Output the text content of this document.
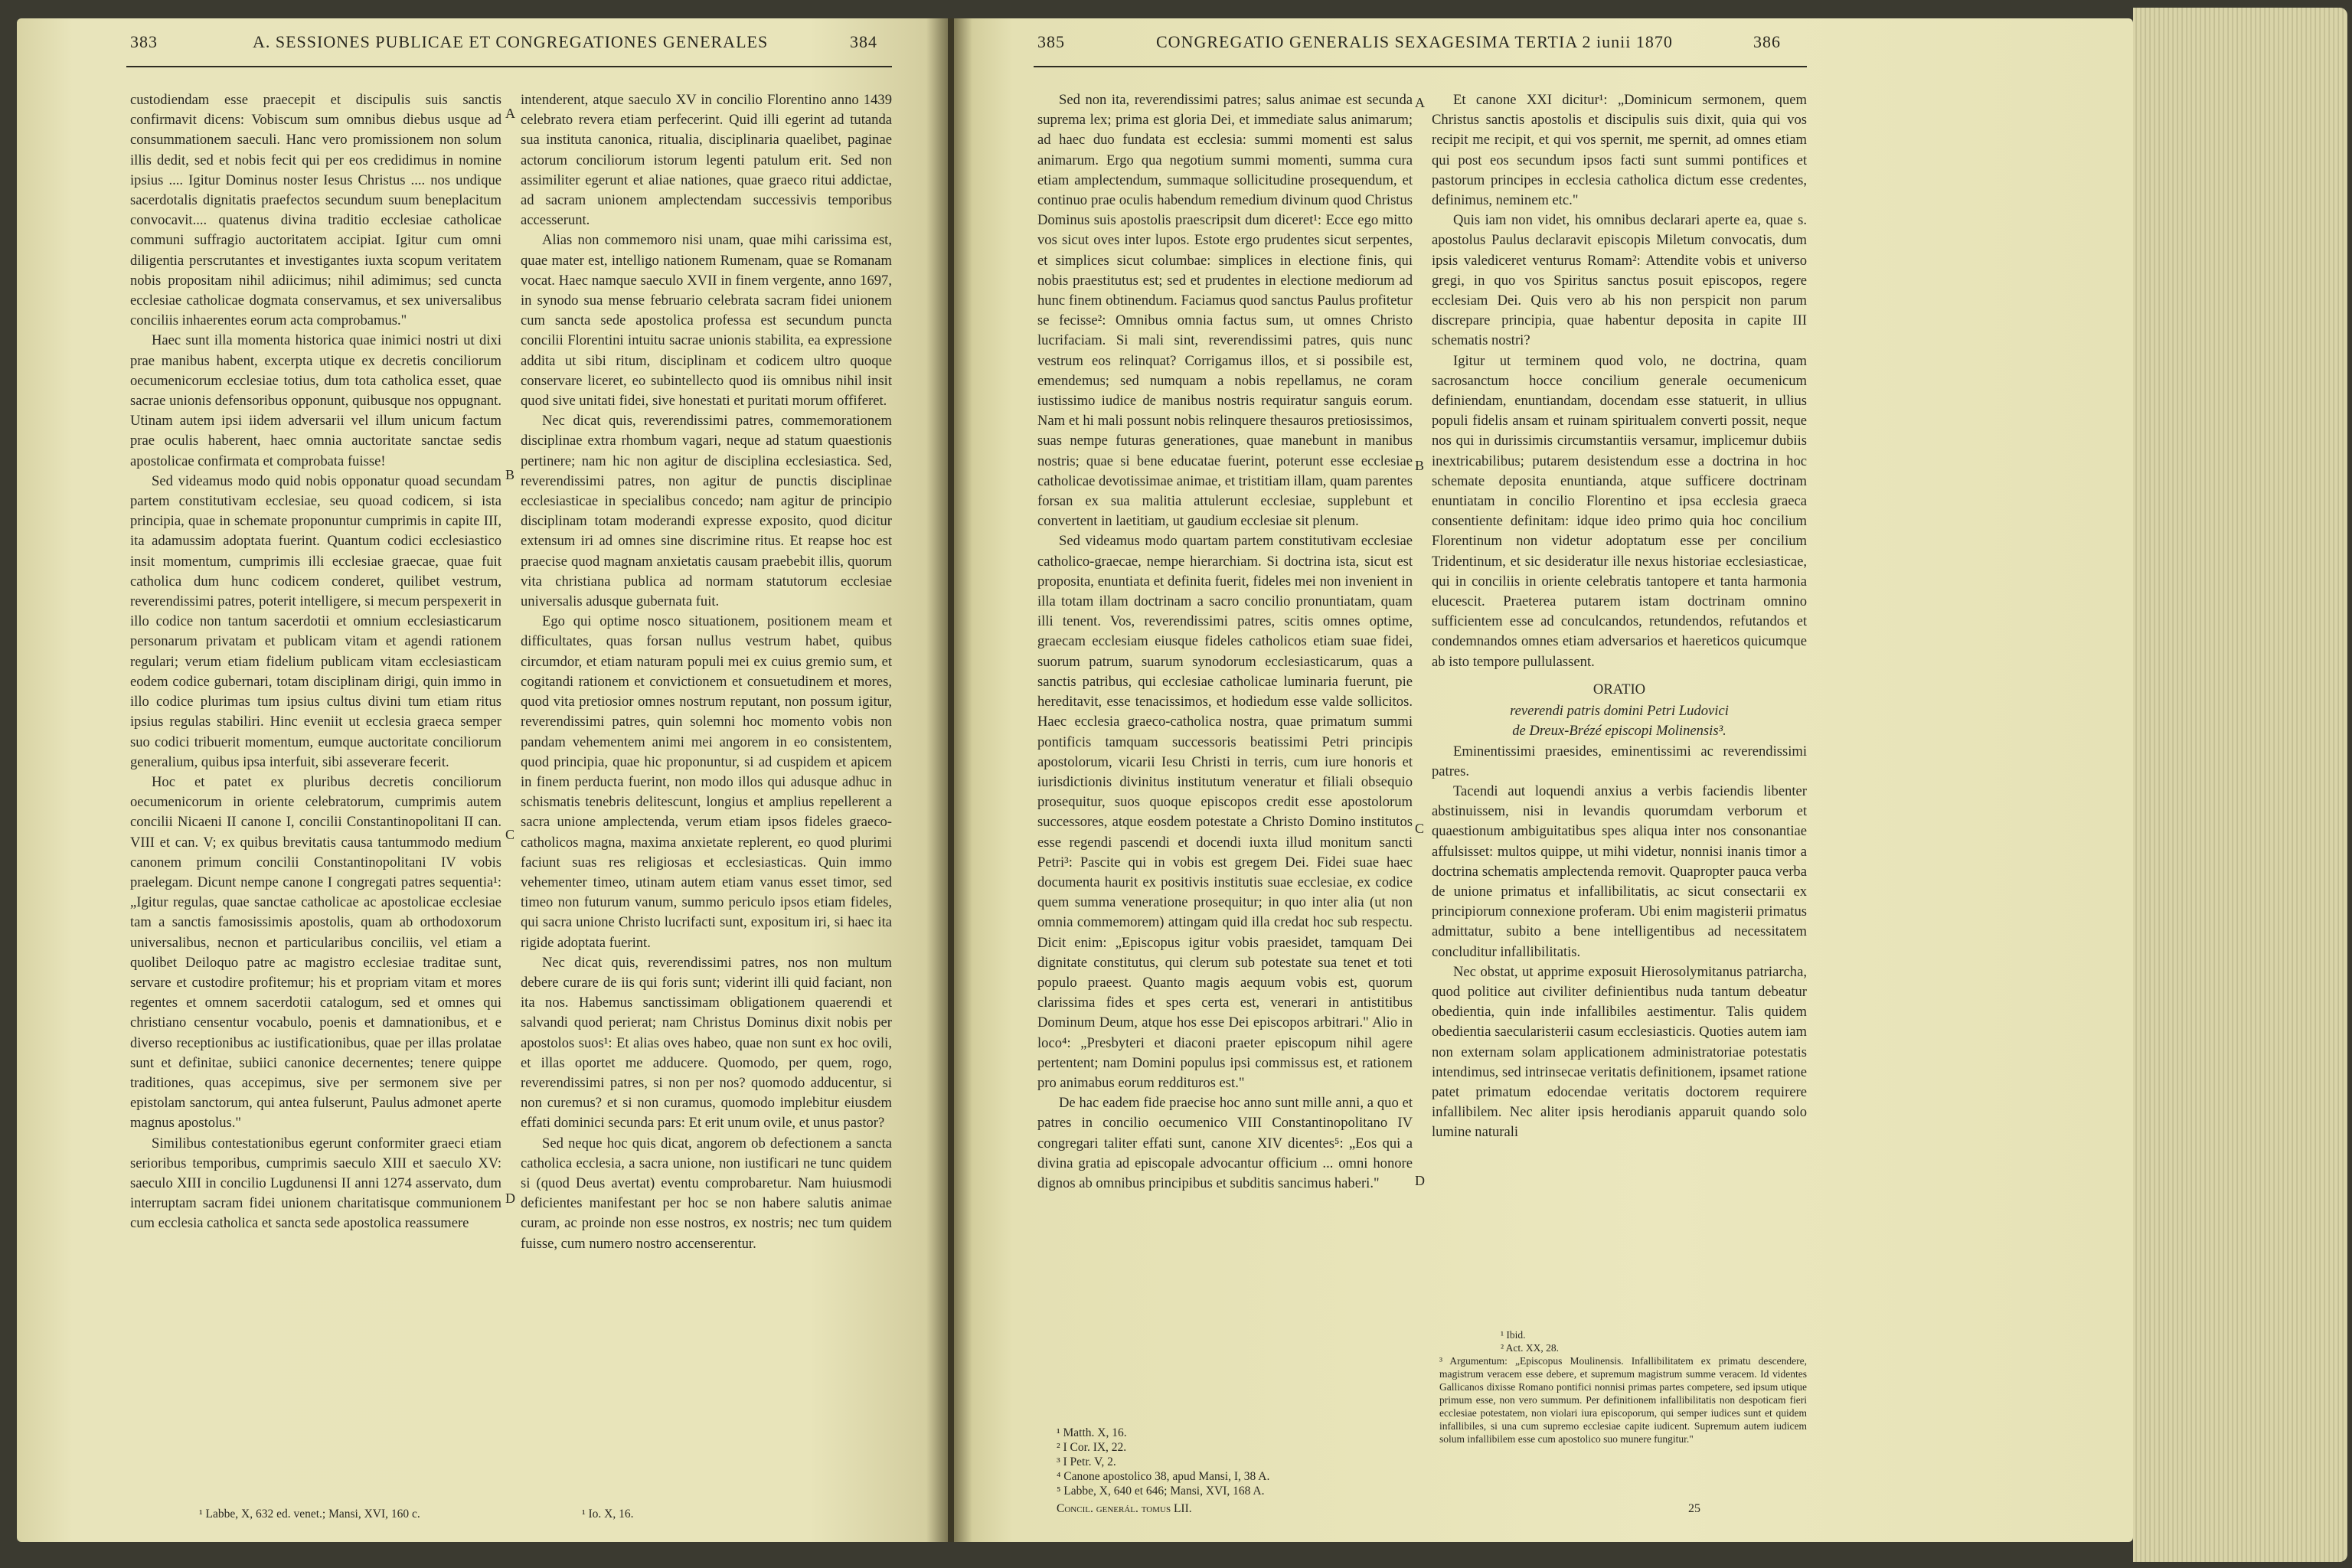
383	A. SESSIONES PUBLICAE ET CONGREGATIONES GENERALES	384

custodiendam esse praecepit et discipulis suis sanctis confirmavit dicens: Vobiscum sum omnibus diebus usque ad consummationem saeculi. Hanc vero promissionem non solum illis dedit, sed et nobis fecit qui per eos credidimus in nomine ipsius .... Igitur Dominus noster Iesus Christus .... nos undique sacerdotalis dignitatis praefectos secundum suum beneplacitum convocavit.... quatenus divina traditio ecclesiae catholicae communi suffragio auctoritatem accipiat. Igitur cum omni diligentia perscrutantes et investigantes iuxta scopum veritatem nobis propositam nihil adiicimus; nihil adimimus; sed cuncta ecclesiae catholicae dogmata conservamus, et sex universalibus conciliis inhaerentes eorum acta comprobamus."

Haec sunt illa momenta historica quae inimici nostri ut dixi prae manibus habent, excerpta utique ex decretis conciliorum oecumenicorum ecclesiae totius, dum tota catholica esset, quae sacrae unionis defensoribus opponunt, quibusque nos oppugnant. Utinam autem ipsi iidem adversarii vel illum unicum factum prae oculis haberent, haec omnia auctoritate sanctae sedis apostolicae confirmata et comprobata fuisse!

Sed videamus modo quid nobis opponatur quoad secundam partem constitutivam ecclesiae, seu quoad codicem, si ista principia, quae in schemate proponuntur cumprimis in capite III, ita adamussim adoptata fuerint. Quantum codici ecclesiastico insit momentum, cumprimis illi ecclesiae graecae, quae fuit catholica dum hunc codicem conderet, quilibet vestrum, reverendissimi patres, poterit intelligere, si mecum perspexerit in illo codice non tantum sacerdotii et omnium ecclesiasticarum personarum privatam et publicam vitam et agendi rationem regulari; verum etiam fidelium publicam vitam ecclesiasticam eodem codice gubernari, totam disciplinam dirigi, quin immo in illo codice plurimas tum ipsius cultus divini tum etiam ritus ipsius regulas stabiliri. Hinc eveniit ut ecclesia graeca semper suo codici tribuerit momentum, eumque auctoritate conciliorum generalium, quibus ipsa interfuit, sibi asseverare fecerit.

Hoc et patet ex pluribus decretis conciliorum oecumenicorum in oriente celebratorum, cumprimis autem concilii Nicaeni II canone I, concilii Constantinopolitani II can. VIII et can. V; ex quibus brevitatis causa tantummodo medium canonem primum concilii Constantinopolitani IV vobis praelegam. Dicunt nempe canone I congregati patres sequentia¹: „Igitur regulas, quae sanctae catholicae ac apostolicae ecclesiae tam a sanctis famosissimis apostolis, quam ab orthodoxorum universalibus, necnon et particularibus conciliis, vel etiam a quolibet Deiloquo patre ac magistro ecclesiae traditae sunt, servare et custodire profitemur; his et propriam vitam et mores regentes et omnem sacerdotii catalogum, sed et omnes qui christiano censentur vocabulo, poenis et damnationibus, et e diverso receptionibus ac iustificationibus, quae per illas prolatae sunt et definitae, subiici canonice decernentes; tenere quippe traditiones, quas accepimus, sive per sermonem sive per epistolam sanctorum, qui antea fulserunt, Paulus admonet aperte magnus apostolus."

Similibus contestationibus egerunt conformiter graeci etiam serioribus temporibus, cumprimis saeculo XIII et saeculo XV: saeculo XIII in concilio Lugdunensi II anni 1274 asservato, dum interruptam sacram fidei unionem charitatisque communionem cum ecclesia catholica et sancta sede apostolica reassumere

¹ Labbe, X, 632 ed. venet.; Mansi, XVI, 160 c.

intenderent, atque saeculo XV in concilio Florentino anno 1439 celebrato revera etiam perfecerint. Quid illi egerint ad tutanda sua instituta canonica, ritualia, disciplinaria quaelibet, paginae actorum conciliorum istorum legenti patulum erit. Sed non assimiliter egerunt et aliae nationes, quae graeco ritui addictae, ad sacram unionem amplectendam successivis temporibus accesserunt.

Alias non commemoro nisi unam, quae mihi carissima est, quae mater est, intelligo nationem Rumenam, quae se Romanam vocat. Haec namque saeculo XVII in finem vergente, anno 1697, in synodo sua mense februario celebrata sacram fidei unionem cum sancta sede apostolica professa est secundum puncta concilii Florentini intuitu sacrae unionis stabilita, ea expressione addita ut sibi ritum, disciplinam et codicem ultro quoque conservare liceret, eo subintellecto quod iis omnibus nihil insit quod sive unitati fidei, sive honestati et puritati morum offiferet.

Nec dicat quis, reverendissimi patres, commemorationem disciplinae extra rhombum vagari, neque ad statum quaestionis pertinere; nam hic non agitur de disciplina ecclesiastica. Sed, reverendissimi patres, non agitur de punctis disciplinae ecclesiasticae in specialibus concedo; nam agitur de principio disciplinam totam moderandi expresse exposito, quod dicitur extensum iri ad omnes sine discrimine ritus. Et reapse hoc est praecise quod magnam anxietatis causam praebebit illis, quorum vita christiana publica ad normam statutorum ecclesiae universalis adusque gubernata fuit.

Ego qui optime nosco situationem, positionem meam et difficultates, quas forsan nullus vestrum habet, quibus circumdor, et etiam naturam populi mei ex cuius gremio sum, et cogitandi rationem et convictionem et consuetudinem et mores, quod vita pretiosior omnes nostrum reputant, non possum igitur, reverendissimi patres, quin solemni hoc momento vobis non pandam vehementem animi mei angorem in eo consistentem, quod principia, quae hic proponuntur, si ad cuspidem et apicem in finem perducta fuerint, non modo illos qui adusque adhuc in schismatis tenebris delitescunt, longius et amplius repellerent a sacra unione amplectenda, verum etiam ipsos fideles graeco-catholicos magna, maxima anxietate replerent, eo quod plurimi faciunt suas res religiosas et ecclesiasticas. Quin immo vehementer timeo, utinam autem etiam vanus esset timor, sed timeo non futurum vanum, summo periculo ipsos etiam fideles, qui sacra unione Christo lucrifacti sunt, expositum iri, si haec ita rigide adoptata fuerint.

Nec dicat quis, reverendissimi patres, nos non multum debere curare de iis qui foris sunt; viderint illi quid faciant, non ita nos. Habemus sanctissimam obligationem quaerendi et salvandi quod perierat; nam Christus Dominus dixit nobis per apostolos suos¹: Et alias oves habeo, quae non sunt ex hoc ovili, et illas oportet me adducere. Quomodo, per quem, rogo, reverendissimi patres, si non per nos? quomodo adducentur, si non curemus? et si non curamus, quomodo implebitur eiusdem effati dominici secunda pars: Et erit unum ovile, et unus pastor?

Sed neque hoc quis dicat, angorem ob defectionem a sancta catholica ecclesia, a sacra unione, non iustificari ne tunc quidem si (quod Deus avertat) eventu comprobaretur. Nam huiusmodi deficientes manifestant per hoc se non habere salutis animae curam, ac proinde non esse nostros, ex nostris; nec tum quidem fuisse, cum numero nostro accenserentur.

¹ Io. X, 16.
A
B
C
D
385	CONGREGATIO GENERALIS SEXAGESIMA TERTIA 2 iunii 1870	386

Sed non ita, reverendissimi patres; salus animae est secunda suprema lex; prima est gloria Dei, et immediate salus animarum; ad haec duo fundata est ecclesia: summi momenti est salus animarum. Ergo qua negotium summi momenti, summa cura etiam amplectendum, summaque sollicitudine prosequendum, et continuo prae oculis habendum remedium divinum quod Christus Dominus suis apostolis praescripsit dum diceret¹: Ecce ego mitto vos sicut oves inter lupos. Estote ergo prudentes sicut serpentes, et simplices sicut columbae: simplices in electione finis, qui nobis praestitutus est; sed et prudentes in electione mediorum ad hunc finem obtinendum. Faciamus quod sanctus Paulus profitetur se fecisse²: Omnibus omnia factus sum, ut omnes Christo lucrifaciam. Si mali sint, reverendissimi patres, quis nunc vestrum eos relinquat? Corrigamus illos, et si possibile est, emendemus; sed numquam a nobis repellamus, ne coram iustissimo iudice de manibus nostris requiratur sanguis eorum. Nam et hi mali possunt nobis relinquere thesauros pretiosissimos, suas nempe futuras generationes, quae manebunt in manibus nostris; quae si bene educatae fuerint, poterunt esse ecclesiae catholicae devotissimae animae, et tristitiam illam, quam parentes forsan ex sua malitia attulerunt ecclesiae, supplebunt et convertent in laetitiam, ut gaudium ecclesiae sit plenum.

Sed videamus modo quartam partem constitutivam ecclesiae catholico-graecae, nempe hierarchiam. Si doctrina ista, sicut est proposita, enuntiata et definita fuerit, fideles mei non invenient in illa totam illam doctrinam a sacro concilio pronuntiatam, quam illi tenent. Vos, reverendissimi patres, scitis omnes optime, graecam ecclesiam eiusque fideles catholicos etiam suae fidei, suorum patrum, suarum synodorum ecclesiasticarum, quas a sanctis patribus, qui ecclesiae catholicae luminaria fuerunt, pie hereditavit, esse tenacissimos, et hodiedum esse valde sollicitos. Haec ecclesia graeco-catholica nostra, quae primatum summi pontificis tamquam successoris beatissimi Petri principis apostolorum, vicarii Iesu Christi in terris, cum iure honoris et iurisdictionis divinitus institutum veneratur et filiali obsequio prosequitur, suos quoque episcopos credit esse apostolorum successores, atque eosdem potestate a Christo Domino institutos esse regendi pascendi et docendi iuxta illud monitum sancti Petri³: Pascite qui in vobis est gregem Dei. Fidei suae haec documenta haurit ex positivis institutis suae ecclesiae, ex codice quem summa veneratione prosequitur; in quo inter alia (ut non omnia commemorem) attingam quid illa credat hoc sub respectu. Dicit enim: „Episcopus igitur vobis praesidet, tamquam Dei dignitate constitutus, qui clerum sub potestate sua tenet et toti populo praeest. Quanto magis aequum vobis est, quorum clarissima fides et spes certa est, venerari in antistitibus Dominum Deum, atque hos esse Dei episcopos arbitrari." Alio in loco⁴: „Presbyteri et diaconi praeter episcopum nihil agere pertentent; nam Domini populus ipsi commissus est, et rationem pro animabus eorum reddituros est."

De hac eadem fide praecise hoc anno sunt mille anni, a quo et patres in concilio oecumenico VIII Constantinopolitano IV congregari taliter effati sunt, canone XIV dicentes⁵: „Eos qui a divina gratia ad episcopale advocantur officium ... omni honore dignos ab omnibus principibus et subditis sancimus haberi."

¹ Matth. X, 16.
² I Cor. IX, 22.
³ I Petr. V, 2.
⁴ Canone apostolico 38, apud Mansi, I, 38 A.
⁵ Labbe, X, 640 et 646; Mansi, XVI, 168 A.
Concil. generál. tomus LII.

Et canone XXI dicitur¹: „Dominicum sermonem, quem Christus sanctis apostolis et discipulis suis dixit, quia qui vos recipit me recipit, et qui vos spernit, me spernit, ad omnes etiam qui post eos secundum ipsos facti sunt summi pontifices et pastorum principes in ecclesia catholica dictum esse credentes, definimus, neminem etc."

Quis iam non videt, his omnibus declarari aperte ea, quae s. apostolus Paulus declaravit episcopis Miletum convocatis, dum ipsis valediceret venturus Romam²: Attendite vobis et universo gregi, in quo vos Spiritus sanctus posuit episcopos, regere ecclesiam Dei. Quis vero ab his non perspicit non parum discrepare principia, quae habentur deposita in capite III schematis nostri?

Igitur ut terminem quod volo, ne doctrina, quam sacrosanctum hocce concilium generale oecumenicum definiendam, enuntiandam, docendam esse statuerit, in ullius populi fidelis ansam et ruinam spiritualem converti possit, neque nos qui in durissimis circumstantiis versamur, implicemur dubiis inextricabilibus; putarem desistendum esse a doctrina in hoc schemate deposita enuntianda, atque sufficere doctrinam enuntiatam in concilio Florentino et ipsa ecclesia graeca consentiente definitam: idque ideo primo quia hoc concilium Florentinum non videtur adoptatum esse per concilium Tridentinum, et sic desideratur ille nexus historiae ecclesiasticae, qui in conciliis in oriente celebratis tantopere et tanta harmonia elucescit. Praeterea putarem istam doctrinam omnino sufficientem esse ad conculcandos, retundendos, refutandos et condemnandos omnes etiam adversarios et haereticos quicumque ab isto tempore pullulassent.

ORATIO
reverendi patris domini Petri Ludovici
de Dreux-Brézé episcopi Molinensis³.

Eminentissimi praesides, eminentissimi ac reverendissimi patres.

Tacendi aut loquendi anxius a verbis faciendis libenter abstinuissem, nisi in levandis quorumdam verborum et quaestionum ambiguitatibus spes aliqua inter nos consonantiae affulsisset: multos quippe, ut mihi videtur, nonnisi inanis timor a doctrina schematis amplectenda removit. Quapropter pauca verba de unione primatus et infallibilitatis, ac sicut consectarii ex principiorum connexione proferam. Ubi enim magisterii primatus admittatur, subito a bene intelligentibus ad necessitatem concluditur infallibilitatis.

Nec obstat, ut apprime exposuit Hierosolymitanus patriarcha, quod politice aut civiliter definientibus nuda tantum debeatur obedientia, quin inde infallibiles aestimentur. Talis quidem obedientia saecularisterii casum ecclesiasticis. Quoties autem iam non externam solam applicationem administratoriae potestatis intendimus, sed intrinsecae veritatis definitionem, ipsamet ratione patet primatum edocendae veritatis doctorem requirere infallibilem. Nec aliter ipsis herodianis apparuit quando solo lumine naturali

¹ Ibid.
² Act. XX, 28.
³ Argumentum: „Episcopus Moulinensis. Infallibilitatem ex primatu descendere, magistrum veracem esse debere, et supremum magistrum summe veracem. Id videntes Gallicanos dixisse Romano pontifici nonnisi primas partes competere, sed ipsum utique primum esse, non vero summum. Per definitionem infallibilitatis non despoticam fieri ecclesiae potestatem, non violari iura episcoporum, qui semper iudices sunt et quidem infallibiles, si una cum supremo ecclesiae capite iudicent. Supremum autem iudicem solum infallibilem esse cum apostolico suo munere fungitur."
25
A
B
C
D
